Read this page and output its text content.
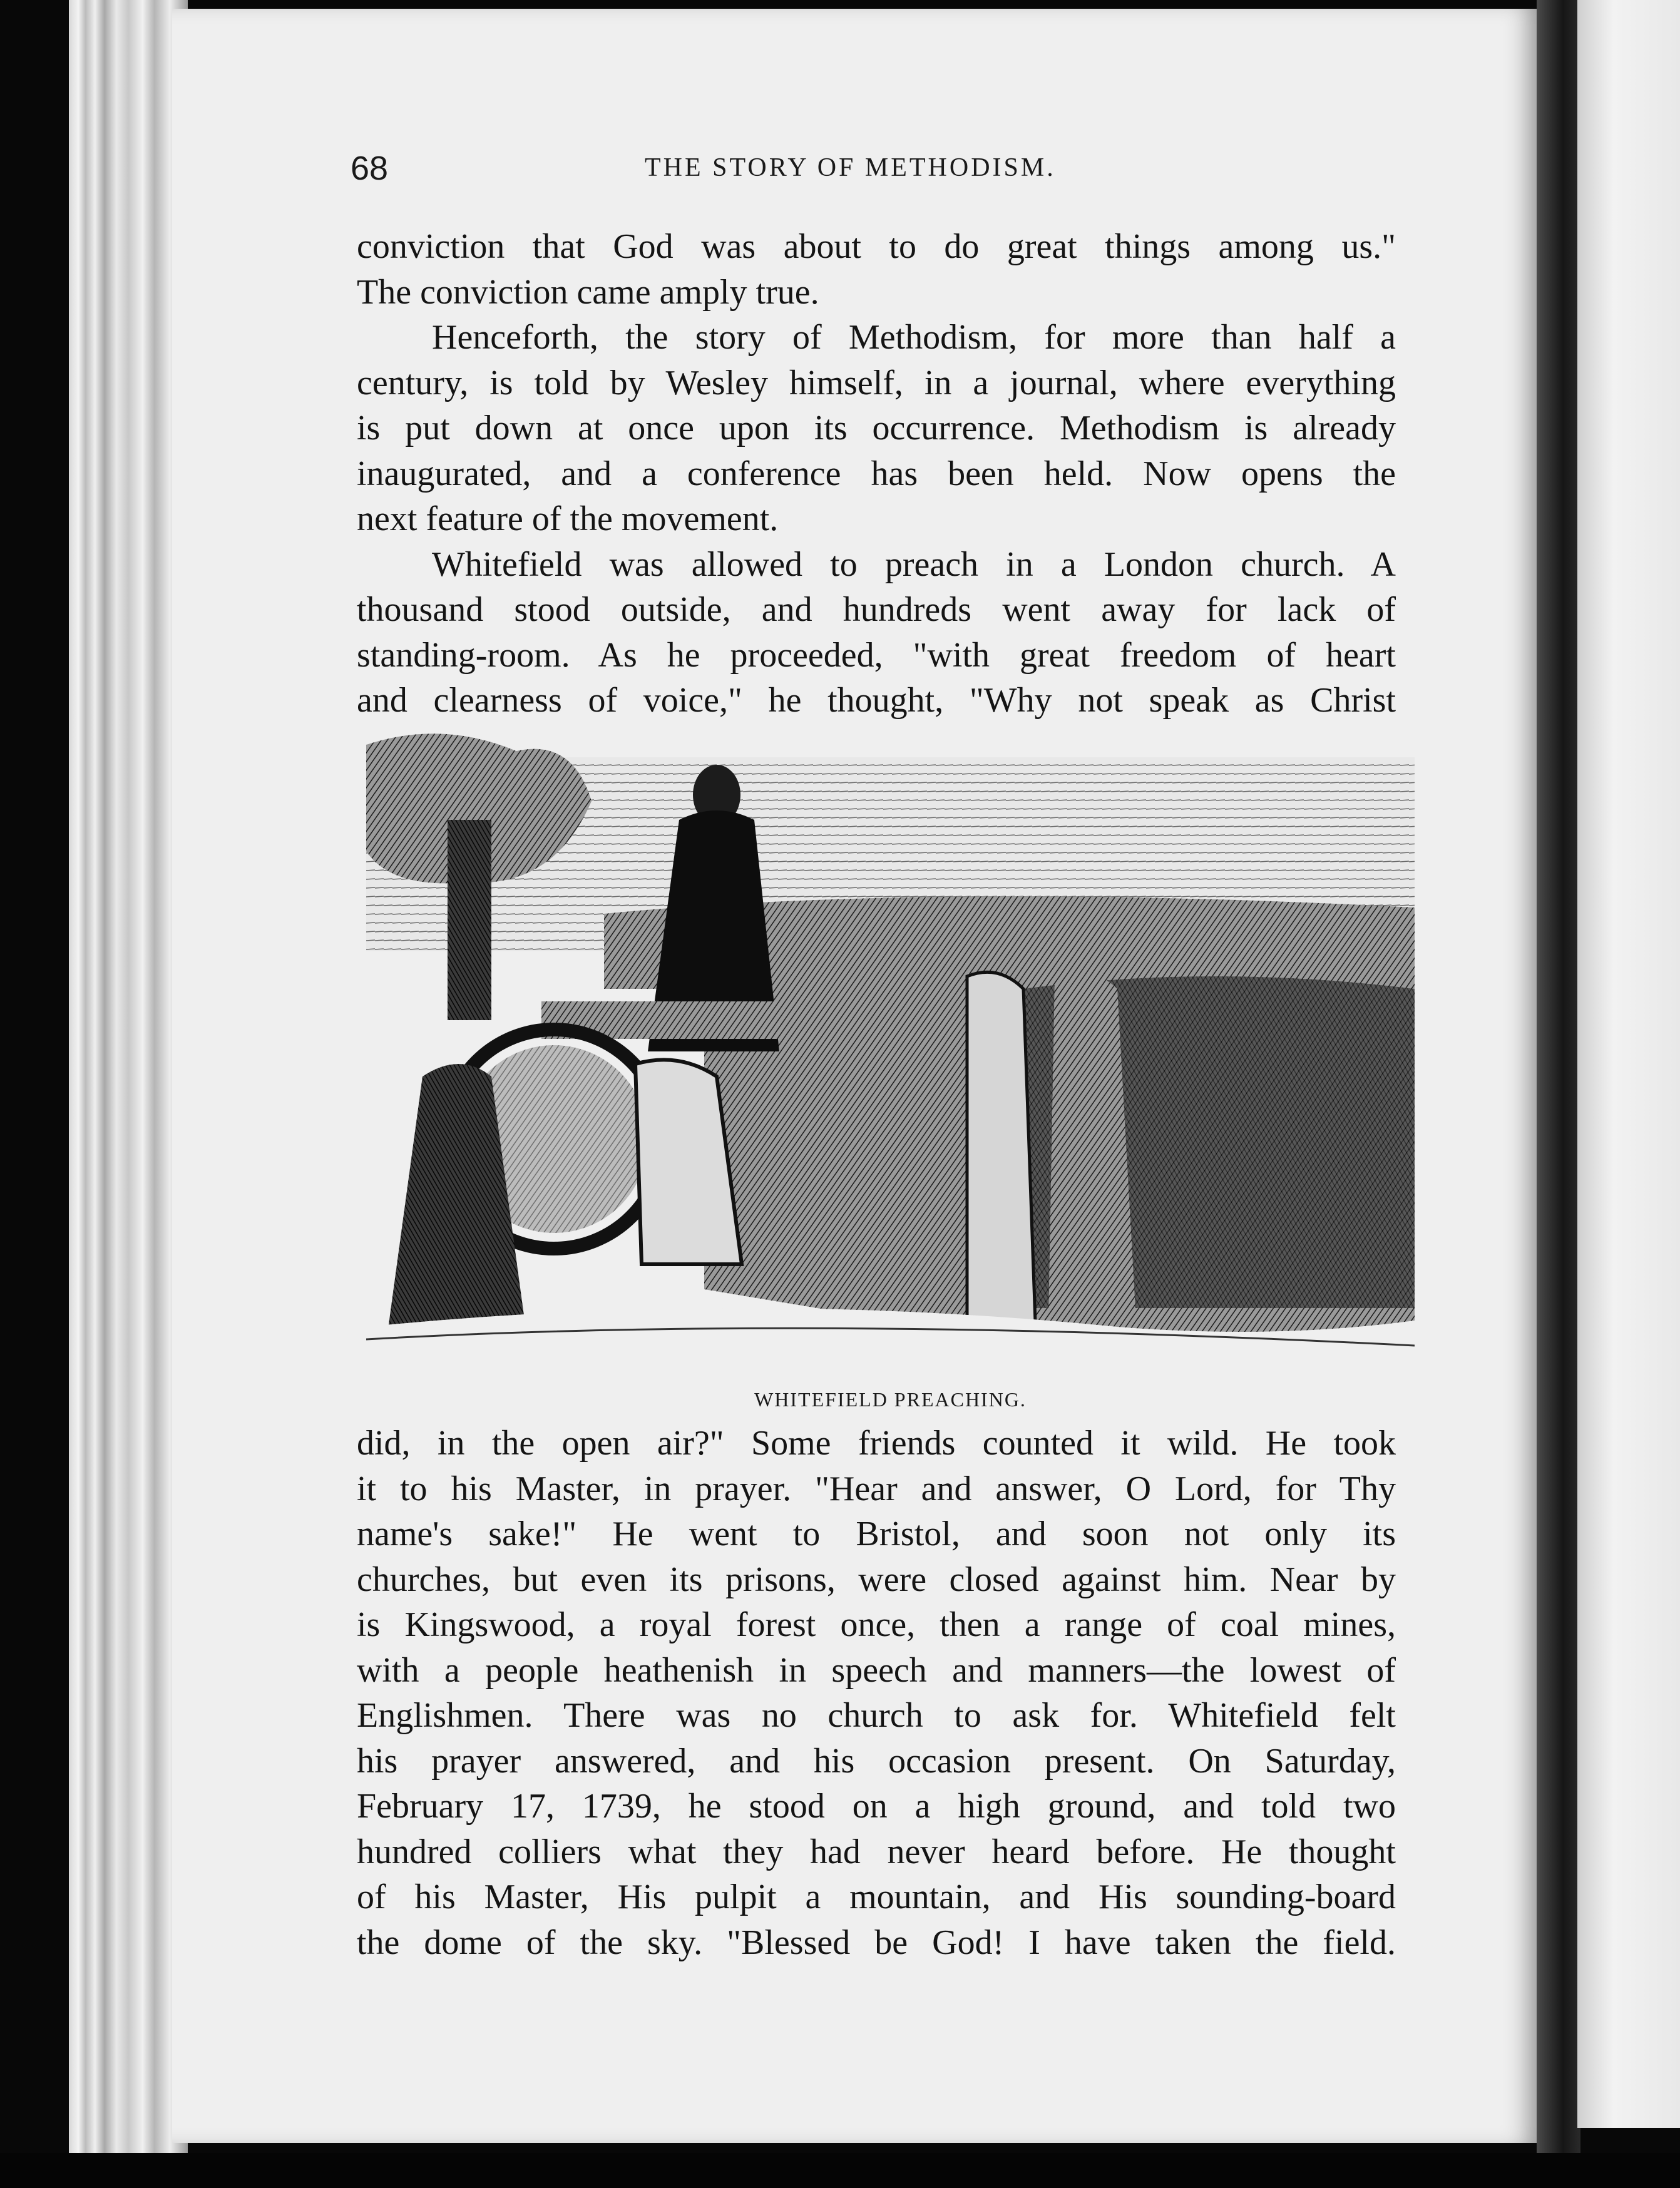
68	THE STORY OF METHODISM.
conviction that God was about to do great things among us."
The conviction came amply true.
Henceforth, the story of Methodism, for more than half a
century, is told by Wesley himself, in a journal, where everything
is put down at once upon its occurrence. Methodism is already
inaugurated, and a conference has been held. Now opens the
next feature of the movement.
Whitefield was allowed to preach in a London church. A
thousand stood outside, and hundreds went away for lack of
standing-room. As he proceeded, "with great freedom of heart
and clearness of voice," he thought, "Why not speak as Christ
WHITEFIELD PREACHING.
did, in the open air?" Some friends counted it wild. He took
it to his Master, in prayer. "Hear and answer, O Lord, for Thy
name's sake!" He went to Bristol, and soon not only its
churches, but even its prisons, were closed against him. Near by
is Kingswood, a royal forest once, then a range of coal mines,
with a people heathenish in speech and manners—the lowest of
Englishmen. There was no church to ask for. Whitefield felt
his prayer answered, and his occasion present. On Saturday,
February 17, 1739, he stood on a high ground, and told two
hundred colliers what they had never heard before. He thought
of his Master, His pulpit a mountain, and His sounding-board
the dome of the sky. "Blessed be God! I have taken the field.
